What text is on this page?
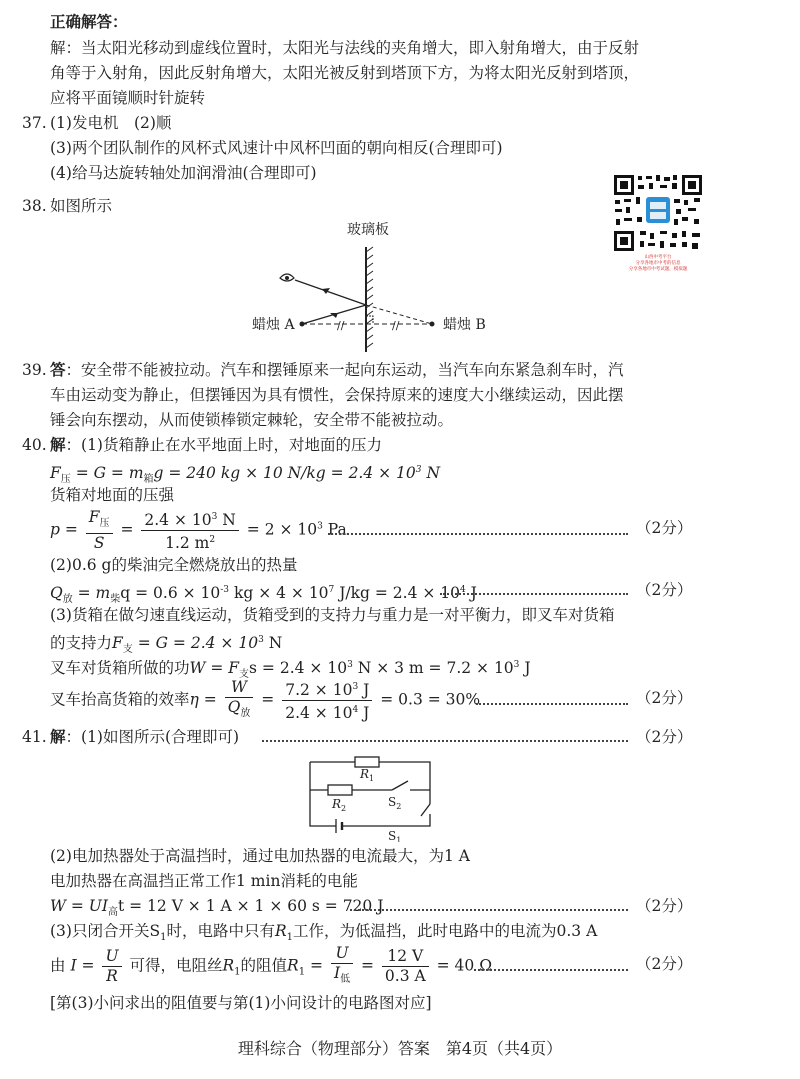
正确解答：
解：当太阳光移动到虚线位置时，太阳光与法线的夹角增大，即入射角增大，由于反射
角等于入射角，因此反射角增大，太阳光被反射到塔顶下方，为将太阳光反射到塔顶，
应将平面镜顺时针旋转
37. (1)发电机　(2)顺
(3)两个团队制作的风杯式风速计中风杯凹面的朝向相反(合理即可)
(4)给马达旋转轴处加润滑油(合理即可)
山西中考平台
分享各地市中考的信息
分享各地市中考试题，模拟题
38. 如图所示
玻璃板
//	//
蜡烛 A	蜡烛 B
39. 答：安全带不能被拉动。汽车和摆锤原来一起向东运动，当汽车向东紧急刹车时，汽
车由运动变为静止，但摆锤因为具有惯性，会保持原来的速度大小继续运动，因此摆
锤会向东摆动，从而使锁棒锁定棘轮，安全带不能被拉动。
40. 解：(1)货箱静止在水平地面上时，对地面的压力
$F_压 = G = m_箱g = 240$ kg × 10 $N/kg = 2.4 \times 10^3$ N
货箱对地面的压强
$p = \frac{F_压}{S} = \frac{2.4 \times 10^3 N}{1.2 m^2} = 2 \times 10^3$ Pa	（2分）
(2)0.6 g的柴油完全燃烧放出的热量
$Q_放 = m_柴q = 0.6 \times 10^{-3}$ kg × $4 \times 10^7$ $J/kg = 2.4 \times 10^4$ J	（2分）
(3)货箱在做匀速直线运动，货箱受到的支持力与重力是一对平衡力，即叉车对货箱
的支持力$F_支 = G = 2.4 \times 10^3$ N
叉车对货箱所做的功$W = F_支s = 2.4 \times 10^3$ N × 3 $m = 7.2 \times 10^3$ J
叉车抬高货箱的效率$\eta = \frac{W}{Q_放} = \frac{7.2 \times 10^3 J}{2.4 \times 10^4 J} = 0.3 = 30\%$	（2分）
41. 解：(1)如图所示(合理即可)	（2分）
$R_1$
$R_2$	$S_2$
$S_1$
(2)电加热器处于高温挡时，通过电加热器的电流最大，为1 A
电加热器在高温挡正常工作1 min消耗的电能
$W = UI_高t = 12$ V × 1 A × 1 × 60 s = 720 J	（2分）
(3)只闭合开关$S_1$时，电路中只有$R_1$工作，为低温挡，此时电路中的电流为0.3 A
由 $I = \frac{U}{R}$ 可得，电阻丝$R_1$的阻值$R_1 = \frac{U}{I_低} = \frac{12 V}{0.3 A} = 40$ Ω	（2分）
[第(3)小问求出的阻值要与第(1)小问设计的电路图对应]
理科综合（物理部分）答案　第4页（共4页）
